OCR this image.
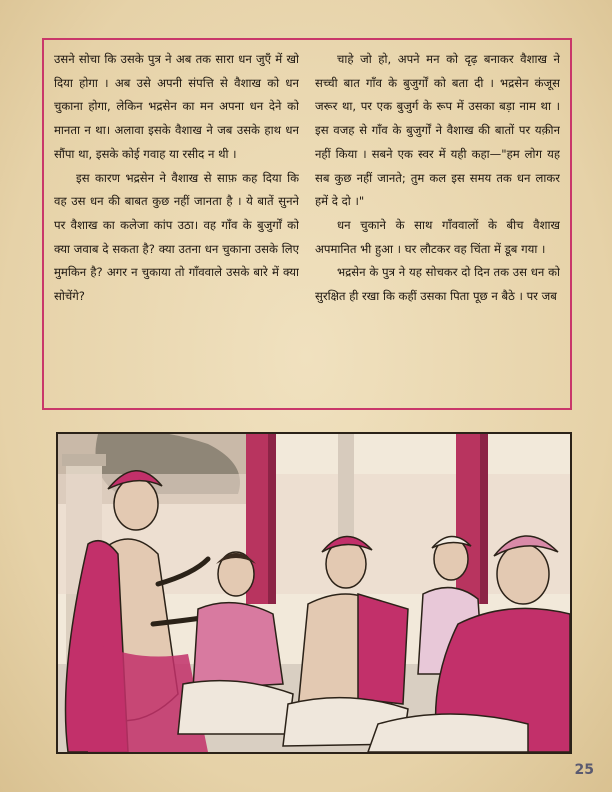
उसने सोचा कि उसके पुत्र ने अब तक सारा धन जुएँ में खो दिया होगा । अब उसे अपनी संपत्ति से वैशाख को धन चुकाना होगा, लेकिन भद्रसेन का मन अपना धन देने को मानता न था। अलावा इसके वैशाख ने जब उसके हाथ धन सौंपा था, इसके कोई गवाह या रसीद न थी ।

इस कारण भद्रसेन ने वैशाख से साफ़ कह दिया कि वह उस धन की बाबत कुछ नहीं जानता है । ये बातें सुनने पर वैशाख का कलेजा कांप उठा। वह गाँव के बुजुर्गों को क्या जवाब दे सकता है? क्या उतना धन चुकाना उसके लिए मुमकिन है? अगर न चुकाया तो गाँववाले उसके बारे में क्या सोचेंगे?

चाहे जो हो, अपने मन को दृढ़ बनाकर वैशाख ने सच्ची बात गाँव के बुजुर्गों को बता दी । भद्रसेन कंजूस जरूर था, पर एक बुजुर्ग के रूप में उसका बड़ा नाम था । इस वजह से गाँव के बुजुर्गों ने वैशाख की बातों पर यक़ीन नहीं किया । सबने एक स्वर में यही कहा—"हम लोग यह सब कुछ नहीं जानते; तुम कल इस समय तक धन लाकर हमें दे दो ।"

धन चुकाने के साथ गाँववालों के बीच वैशाख अपमानित भी हुआ । घर लौटकर वह चिंता में डूब गया ।

भद्रसेन के पुत्र ने यह सोचकर दो दिन तक उस धन को सुरक्षित ही रखा कि कहीं उसका पिता पूछ न बैठे । पर जब

25
